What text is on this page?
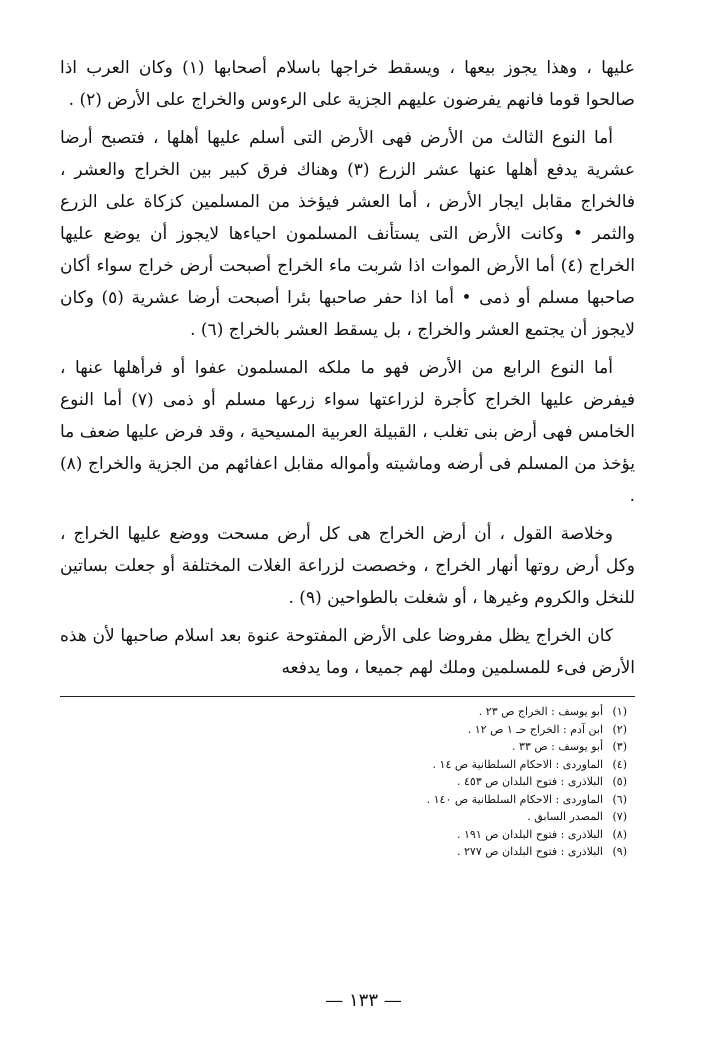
عليها ، وهذا يجوز بيعها ، ويسقط خراجها باسلام أصحابها (١) وكان العرب اذا صالحوا قوما فانهم يفرضون عليهم الجزية على الرءوس والخراج على الأرض (٢) .

أما النوع الثالث من الأرض فهى الأرض التى أسلم عليها أهلها ، فتصبح أرضا عشرية يدفع أهلها عنها عشر الزرع (٣) وهناك فرق كبير بين الخراج والعشر ، فالخراج مقابل ايجار الأرض ، أما العشر فيؤخذ من المسلمين كزكاة على الزرع والثمر • وكانت الأرض التى يستأنف المسلمون احياءها لايجوز أن يوضع عليها الخراج (٤) أما الأرض الموات اذا شربت ماء الخراج أصبحت أرض خراج سواء أكان صاحبها مسلم أو ذمى • أما اذا حفر صاحبها بئرا أصبحت أرضا عشرية (٥) وكان لايجوز أن يجتمع العشر والخراج ، بل يسقط العشر بالخراج (٦) .

أما النوع الرابع من الأرض فهو ما ملكه المسلمون عفوا أو فرأهلها عنها ، فيفرض عليها الخراج كأجرة لزراعتها سواء زرعها مسلم أو ذمى (٧) أما النوع الخامس فهى أرض بنى تغلب ، القبيلة العربية المسيحية ، وقد فرض عليها ضعف ما يؤخذ من المسلم فى أرضه وماشيته وأمواله مقابل اعفائهم من الجزية والخراج (٨) .

وخلاصة القول ، أن أرض الخراج هى كل أرض مسحت ووضع عليها الخراج ، وكل أرض روتها أنهار الخراج ، وخصصت لزراعة الغلات المختلفة أو جعلت بساتين للنخل والكروم وغيرها ، أو شغلت بالطواحين (٩) .

كان الخراج يظل مفروضا على الأرض المفتوحة عنوة بعد اسلام صاحبها لأن هذه الأرض فىء للمسلمين وملك لهم جميعا ، وما يدفعه

(١)
أبو يوسف : الخراج ص ٢٣ .
(٢)
ابن آدم : الخراج حـ ١ ص ١٢ .
(٣)
أبو يوسف : ص ٣٣ .
(٤)
الماوردى : الاحكام السلطانية ص ١٤ .
(٥)
البلاذرى : فتوح البلدان ص ٤٥٣ .
(٦)
الماوردى : الاحكام السلطانية ص ١٤٠ .
(٧)
المصدر السابق .
(٨)
البلاذرى : فتوح البلدان ص ١٩١ .
(٩)
البلاذرى : فتوح البلدان ص ٢٧٧ .
— ١٣٣ —
